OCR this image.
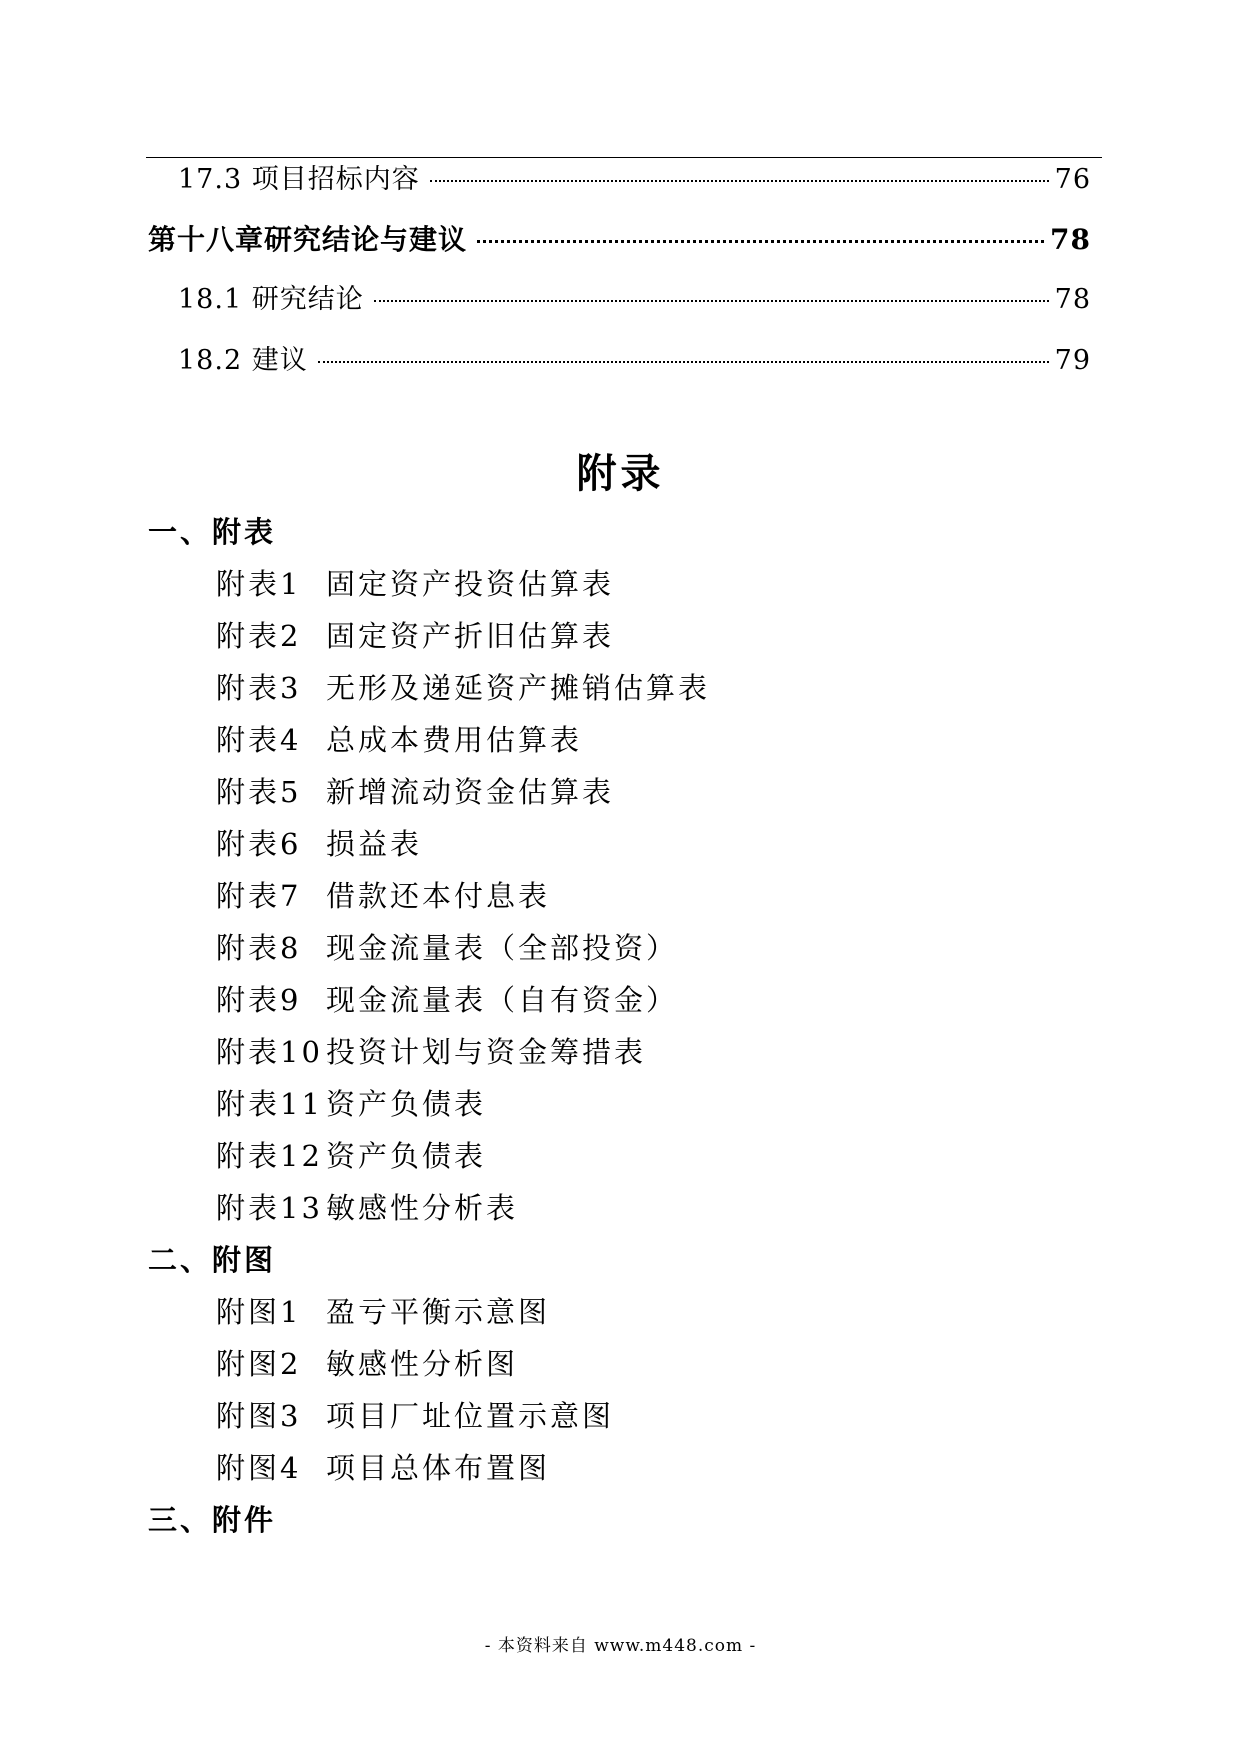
17.3 项目招标内容	76
第十八章研究结论与建议	78
18.1 研究结论	78
18.2 建议	79
附录
一、附表
附表1 固定资产投资估算表
附表2 固定资产折旧估算表
附表3 无形及递延资产摊销估算表
附表4 总成本费用估算表
附表5 新增流动资金估算表
附表6 损益表
附表7 借款还本付息表
附表8 现金流量表（全部投资）
附表9 现金流量表（自有资金）
附表10 投资计划与资金筹措表
附表11 资产负债表
附表12 资产负债表
附表13 敏感性分析表
二、附图
附图1 盈亏平衡示意图
附图2 敏感性分析图
附图3 项目厂址位置示意图
附图4 项目总体布置图
三、附件
- 本资料来自 www.m448.com -
